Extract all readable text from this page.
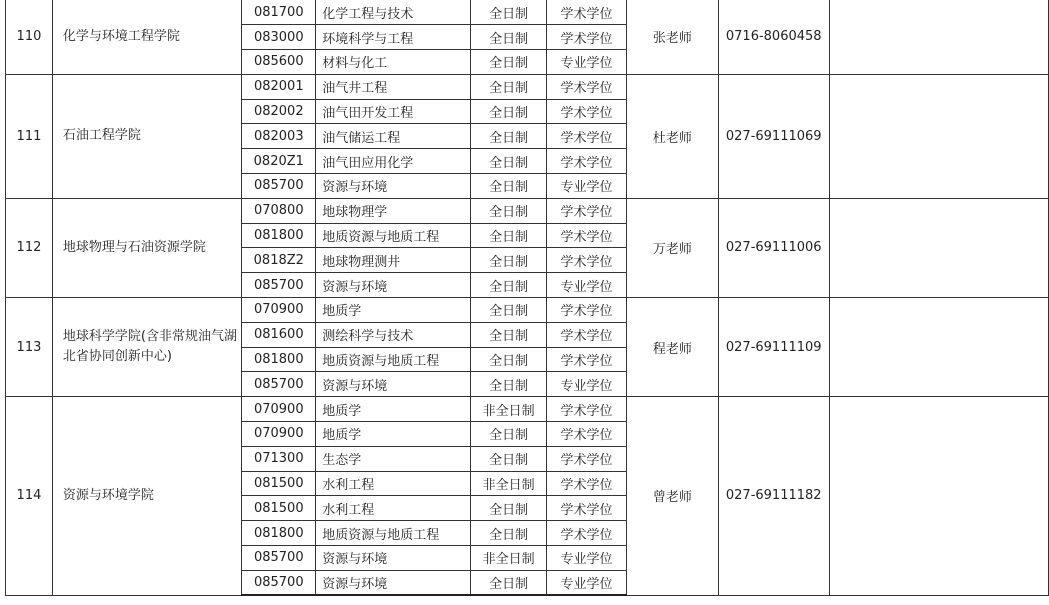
110	化学与环境工程学院	081700	化学工程与技术	全日制	学术学位	张老师	0716-8060458	
		083000	环境科学与工程	全日制	学术学位			
		085600	材料与化工	全日制	专业学位			
111	石油工程学院	082001	油气井工程	全日制	学术学位	杜老师	027-69111069	
		082002	油气田开发工程	全日制	学术学位			
		082003	油气储运工程	全日制	学术学位			
		0820Z1	油气田应用化学	全日制	学术学位			
		085700	资源与环境	全日制	专业学位			
112	地球物理与石油资源学院	070800	地球物理学	全日制	学术学位	万老师	027-69111006	
		081800	地质资源与地质工程	全日制	学术学位			
		0818Z2	地球物理测井	全日制	学术学位			
		085700	资源与环境	全日制	专业学位			
113	地球科学学院(含非常规油气湖北省协同创新中心)	070900	地质学	全日制	学术学位	程老师	027-69111109	
		081600	测绘科学与技术	全日制	学术学位			
		081800	地质资源与地质工程	全日制	学术学位			
		085700	资源与环境	全日制	专业学位			
114	资源与环境学院	070900	地质学	非全日制	学术学位	曾老师	027-69111182	
		070900	地质学	全日制	学术学位			
		071300	生态学	全日制	学术学位			
		081500	水利工程	非全日制	学术学位			
		081500	水利工程	全日制	学术学位			
		081800	地质资源与地质工程	全日制	学术学位			
		085700	资源与环境	非全日制	专业学位			
		085700	资源与环境	全日制	专业学位			
